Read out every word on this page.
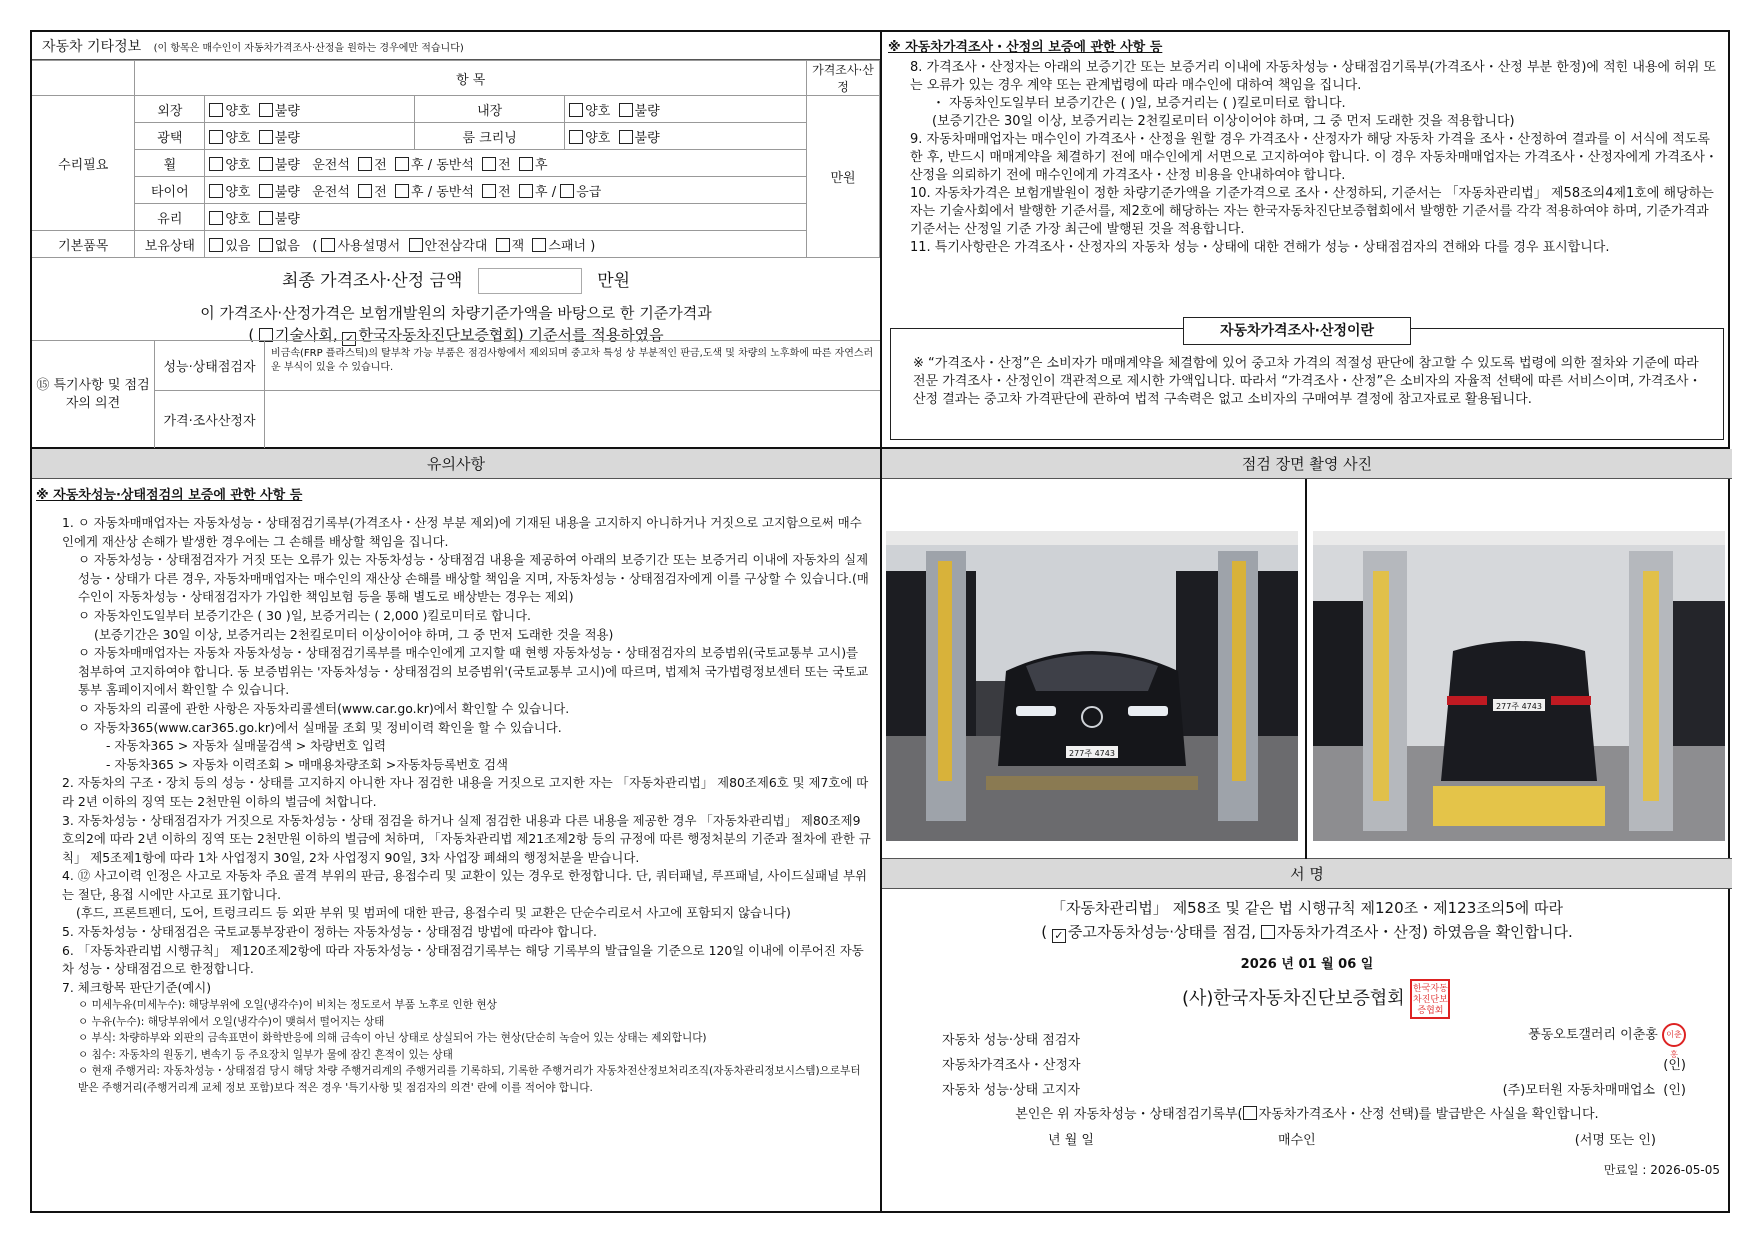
자동차 기타정보 (이 항목은 매수인이 자동차가격조사·산정을 원하는 경우에만 적습니다)
	항 목				가격조사·산정
수리필요	외장	양호 불량	내장	양호 불량	만원
	광택	양호 불량	룸 크리닝	양호 불량	
	휠	양호 불량 운전석 전 후 / 동반석 전 후			
	타이어	양호 불량 운전석 전 후 / 동반석 전 후 / 응급			
	유리	양호 불량			
기본품목	보유상태	있음 없음 ( 사용설명서 안전삼각대 잭 스패너 )			
최종 가격조사·산정 금액	만원
이 가격조사·산정가격은 보험개발원의 차량기준가액을 바탕으로 한 기준가격과
( 기술사회, ✓ 한국자동차진단보증협회) 기준서를 적용하였음
⑮ 특기사항 및 점검자의 의견
성능·상태점검자
비금속(FRP 플라스틱)의 탈부착 가능 부품은 점검사항에서 제외되며 중고차 특성 상 부분적인 판금,도색 및 차량의 노후화에 따른 자연스러운 부식이 있을 수 있습니다.
가격·조사산정자
※ 자동차가격조사・산정의 보증에 관한 사항 등

8. 가격조사・산정자는 아래의 보증기간 또는 보증거리 이내에 자동차성능・상태점검기록부(가격조사・산정 부분 한정)에 적힌 내용에 허위 또는 오류가 있는 경우 계약 또는 관계법령에 따라 매수인에 대하여 책임을 집니다.

・ 자동차인도일부터 보증기간은 ( )일, 보증거리는 ( )킬로미터로 합니다.

(보증기간은 30일 이상, 보증거리는 2천킬로미터 이상이어야 하며, 그 중 먼저 도래한 것을 적용합니다)

9. 자동차매매업자는 매수인이 가격조사・산정을 원할 경우 가격조사・산정자가 해당 자동차 가격을 조사・산정하여 결과를 이 서식에 적도록 한 후, 반드시 매매계약을 체결하기 전에 매수인에게 서면으로 고지하여야 합니다. 이 경우 자동차매매업자는 가격조사・산정자에게 가격조사・산정을 의뢰하기 전에 매수인에게 가격조사・산정 비용을 안내하여야 합니다.

10. 자동차가격은 보험개발원이 정한 차량기준가액을 기준가격으로 조사・산정하되, 기준서는 「자동차관리법」 제58조의4제1호에 해당하는 자는 기술사회에서 발행한 기준서를, 제2호에 해당하는 자는 한국자동차진단보증협회에서 발행한 기준서를 각각 적용하여야 하며, 기준가격과 기준서는 산정일 기준 가장 최근에 발행된 것을 적용합니다.

11. 특기사항란은 가격조사・산정자의 자동차 성능・상태에 대한 견해가 성능・상태점검자의 견해와 다를 경우 표시합니다.

자동차가격조사·산정이란
※ “가격조사・산정”은 소비자가 매매계약을 체결함에 있어 중고차 가격의 적절성 판단에 참고할 수 있도록 법령에 의한 절차와 기준에 따라 전문 가격조사・산정인이 객관적으로 제시한 가액입니다. 따라서 “가격조사・산정”은 소비자의 자율적 선택에 따른 서비스이며, 가격조사・산정 결과는 중고차 가격판단에 관하여 법적 구속력은 없고 소비자의 구매여부 결정에 참고자료로 활용됩니다.
유의사항
※ 자동차성능·상태점검의 보증에 관한 사항 등
1. ㅇ 자동차매매업자는 자동차성능・상태점검기록부(가격조사・산정 부분 제외)에 기재된 내용을 고지하지 아니하거나 거짓으로 고지함으로써 매수인에게 재산상 손해가 발생한 경우에는 그 손해를 배상할 책임을 집니다.
ㅇ 자동차성능・상태점검자가 거짓 또는 오류가 있는 자동차성능・상태점검 내용을 제공하여 아래의 보증기간 또는 보증거리 이내에 자동차의 실제 성능・상태가 다른 경우, 자동차매매업자는 매수인의 재산상 손해를 배상할 책임을 지며, 자동차성능・상태점검자에게 이를 구상할 수 있습니다.(매수인이 자동차성능・상태점검자가 가입한 책임보험 등을 통해 별도로 배상받는 경우는 제외)
ㅇ 자동차인도일부터 보증기간은 ( 30 )일, 보증거리는 ( 2,000 )킬로미터로 합니다.
(보증기간은 30일 이상, 보증거리는 2천킬로미터 이상이어야 하며, 그 중 먼저 도래한 것을 적용)
ㅇ 자동차매매업자는 자동차 자동차성능・상태점검기록부를 매수인에게 고지할 때 현행 자동차성능・상태점검자의 보증범위(국토교통부 고시)를 첨부하여 고지하여야 합니다. 동 보증범위는 '자동차성능・상태점검의 보증범위'(국토교통부 고시)에 따르며, 법제처 국가법령정보센터 또는 국토교통부 홈페이지에서 확인할 수 있습니다.
ㅇ 자동차의 리콜에 관한 사항은 자동차리콜센터(www.car.go.kr)에서 확인할 수 있습니다.
ㅇ 자동차365(www.car365.go.kr)에서 실매물 조회 및 정비이력 확인을 할 수 있습니다.
- 자동차365 > 자동차 실매물검색 > 차량번호 입력
- 자동차365 > 자동차 이력조회 > 매매용차량조회 >자동차등록번호 검색
2. 자동차의 구조・장치 등의 성능・상태를 고지하지 아니한 자나 점검한 내용을 거짓으로 고지한 자는 「자동차관리법」 제80조제6호 및 제7호에 따라 2년 이하의 징역 또는 2천만원 이하의 벌금에 처합니다.
3. 자동차성능・상태점검자가 거짓으로 자동차성능・상태 점검을 하거나 실제 점검한 내용과 다른 내용을 제공한 경우 「자동차관리법」 제80조제9호의2에 따라 2년 이하의 징역 또는 2천만원 이하의 벌금에 처하며, 「자동차관리법 제21조제2항 등의 규정에 따른 행정처분의 기준과 절차에 관한 규칙」 제5조제1항에 따라 1차 사업정지 30일, 2차 사업정지 90일, 3차 사업장 폐쇄의 행정처분을 받습니다.
4. ⑫ 사고이력 인정은 사고로 자동차 주요 골격 부위의 판금, 용접수리 및 교환이 있는 경우로 한정합니다. 단, 쿼터패널, 루프패널, 사이드실패널 부위는 절단, 용접 시에만 사고로 표기합니다.
(후드, 프론트펜더, 도어, 트렁크리드 등 외판 부위 및 범퍼에 대한 판금, 용접수리 및 교환은 단순수리로서 사고에 포함되지 않습니다)
5. 자동차성능・상태점검은 국토교통부장관이 정하는 자동차성능・상태점검 방법에 따라야 합니다.
6. 「자동차관리법 시행규칙」 제120조제2항에 따라 자동차성능・상태점검기록부는 해당 기록부의 발급일을 기준으로 120일 이내에 이루어진 자동차 성능・상태점검으로 한정합니다.
7. 체크항목 판단기준(예시)
ㅇ 미세누유(미세누수): 해당부위에 오일(냉각수)이 비치는 정도로서 부품 노후로 인한 현상
ㅇ 누유(누수): 해당부위에서 오일(냉각수)이 맺혀서 떨어지는 상태
ㅇ 부식: 차량하부와 외판의 금속표면이 화학반응에 의해 금속이 아닌 상태로 상실되어 가는 현상(단순히 녹슬어 있는 상태는 제외합니다)
ㅇ 침수: 자동차의 원동기, 변속기 등 주요장치 일부가 물에 잠긴 흔적이 있는 상태
ㅇ 현재 주행거리: 자동차성능・상태점검 당시 해당 차량 주행거리계의 주행거리를 기록하되, 기록한 주행거리가 자동차전산정보처리조직(자동차관리정보시스템)으로부터 받은 주행거리(주행거리계 교체 정보 포함)보다 적은 경우 '특기사항 및 점검자의 의견' 란에 이를 적어야 합니다.
점검 장면 촬영 사진
277주 4743
277주 4743
서 명
「자동차관리법」 제58조 및 같은 법 시행규칙 제120조・제123조의5에 따라
( ✓ 중고자동차성능·상태를 점검, 자동차가격조사・산정) 하였음을 확인합니다.
2026 년 01 월 06 일
(사)한국자동차진단보증협회 한국자동차진단보증협회
자동차 성능·상태 점검자	풍동오토갤러리 이춘홍 이춘홍
자동차가격조사・산정자	(인)
자동차 성능·상태 고지자	(주)모터원 자동차매매업소 (인)
본인은 위 자동차성능・상태점검기록부( 자동차가격조사・산정 선택)를 발급받은 사실을 확인합니다.
년 월 일	매수인	(서명 또는 인)
만료일 : 2026-05-05
